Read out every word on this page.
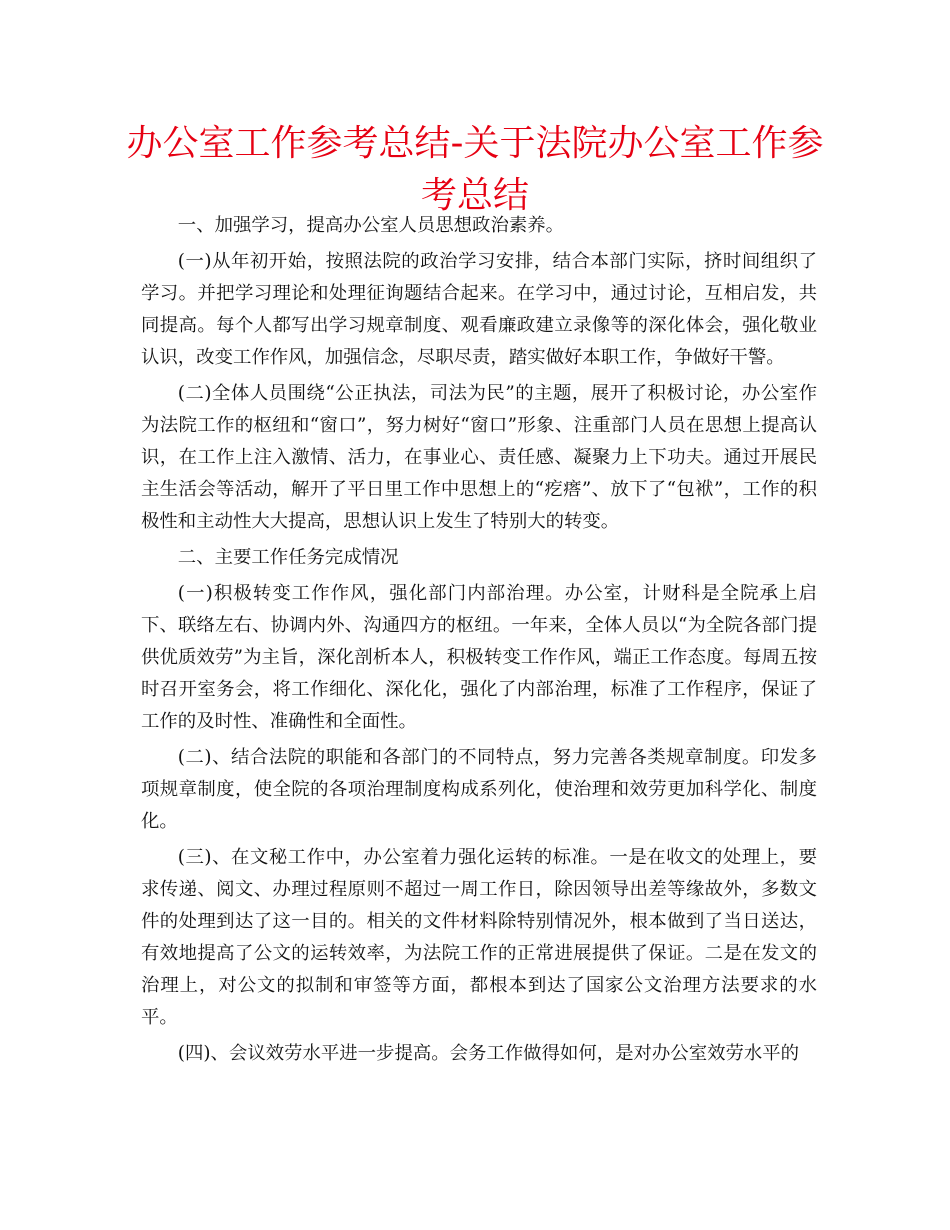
办公室工作参考总结-关于法院办公室工作参考总结

一、加强学习，提高办公室人员思想政治素养。

(一)从年初开始，按照法院的政治学习安排，结合本部门实际，挤时间组织了学习。并把学习理论和处理征询题结合起来。在学习中，通过讨论，互相启发，共同提高。每个人都写出学习规章制度、观看廉政建立录像等的深化体会，强化敬业认识，改变工作作风，加强信念，尽职尽责，踏实做好本职工作，争做好干警。

(二)全体人员围绕“公正执法，司法为民”的主题，展开了积极讨论，办公室作为法院工作的枢纽和“窗口”，努力树好“窗口”形象、注重部门人员在思想上提高认识，在工作上注入激情、活力，在事业心、责任感、凝聚力上下功夫。通过开展民主生活会等活动，解开了平日里工作中思想上的“疙瘩”、放下了“包袱”，工作的积极性和主动性大大提高，思想认识上发生了特别大的转变。

二、主要工作任务完成情况

(一)积极转变工作作风，强化部门内部治理。办公室，计财科是全院承上启下、联络左右、协调内外、沟通四方的枢纽。一年来，全体人员以“为全院各部门提供优质效劳”为主旨，深化剖析本人，积极转变工作作风，端正工作态度。每周五按时召开室务会，将工作细化、深化化，强化了内部治理，标准了工作程序，保证了工作的及时性、准确性和全面性。

(二)、结合法院的职能和各部门的不同特点，努力完善各类规章制度。印发多项规章制度，使全院的各项治理制度构成系列化，使治理和效劳更加科学化、制度化。

(三)、在文秘工作中，办公室着力强化运转的标准。一是在收文的处理上，要求传递、阅文、办理过程原则不超过一周工作日，除因领导出差等缘故外，多数文件的处理到达了这一目的。相关的文件材料除特别情况外，根本做到了当日送达，有效地提高了公文的运转效率，为法院工作的正常进展提供了保证。二是在发文的治理上，对公文的拟制和审签等方面，都根本到达了国家公文治理方法要求的水平。

(四)、会议效劳水平进一步提高。会务工作做得如何，是对办公室效劳水平的
